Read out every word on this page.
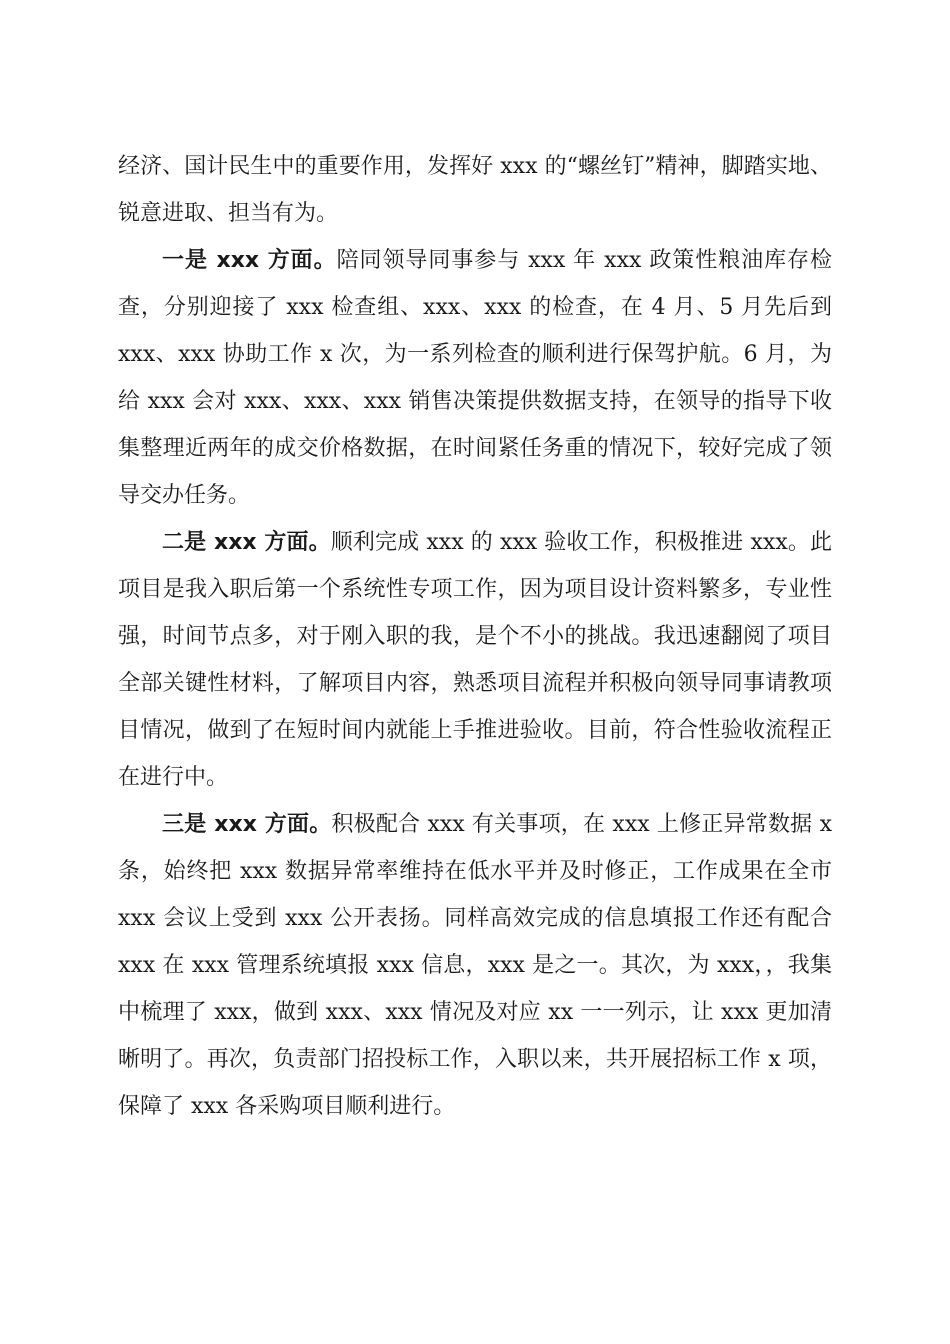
经济、国计民生中的重要作用，发挥好 xxx 的“螺丝钉”精神，脚踏实地、锐意进取、担当有为。

一是 xxx 方面。陪同领导同事参与 xxx 年 xxx 政策性粮油库存检查，分别迎接了 xxx 检查组、xxx、xxx 的检查，在 4 月、5 月先后到 xxx、xxx 协助工作 x 次，为一系列检查的顺利进行保驾护航。6 月，为给 xxx 会对 xxx、xxx、xxx 销售决策提供数据支持，在领导的指导下收集整理近两年的成交价格数据，在时间紧任务重的情况下，较好完成了领导交办任务。

二是 xxx 方面。顺利完成 xxx 的 xxx 验收工作，积极推进 xxx。此项目是我入职后第一个系统性专项工作，因为项目设计资料繁多，专业性强，时间节点多，对于刚入职的我，是个不小的挑战。我迅速翻阅了项目全部关键性材料，了解项目内容，熟悉项目流程并积极向领导同事请教项目情况，做到了在短时间内就能上手推进验收。目前，符合性验收流程正在进行中。

三是 xxx 方面。积极配合 xxx 有关事项，在 xxx 上修正异常数据 x 条，始终把 xxx 数据异常率维持在低水平并及时修正，工作成果在全市 xxx 会议上受到 xxx 公开表扬。同样高效完成的信息填报工作还有配合 xxx 在 xxx 管理系统填报 xxx 信息，xxx 是之一。其次，为 xxx，，我集中梳理了 xxx，做到 xxx、xxx 情况及对应 xx 一一列示，让 xxx 更加清晰明了。再次，负责部门招投标工作，入职以来，共开展招标工作 x 项，保障了 xxx 各采购项目顺利进行。
